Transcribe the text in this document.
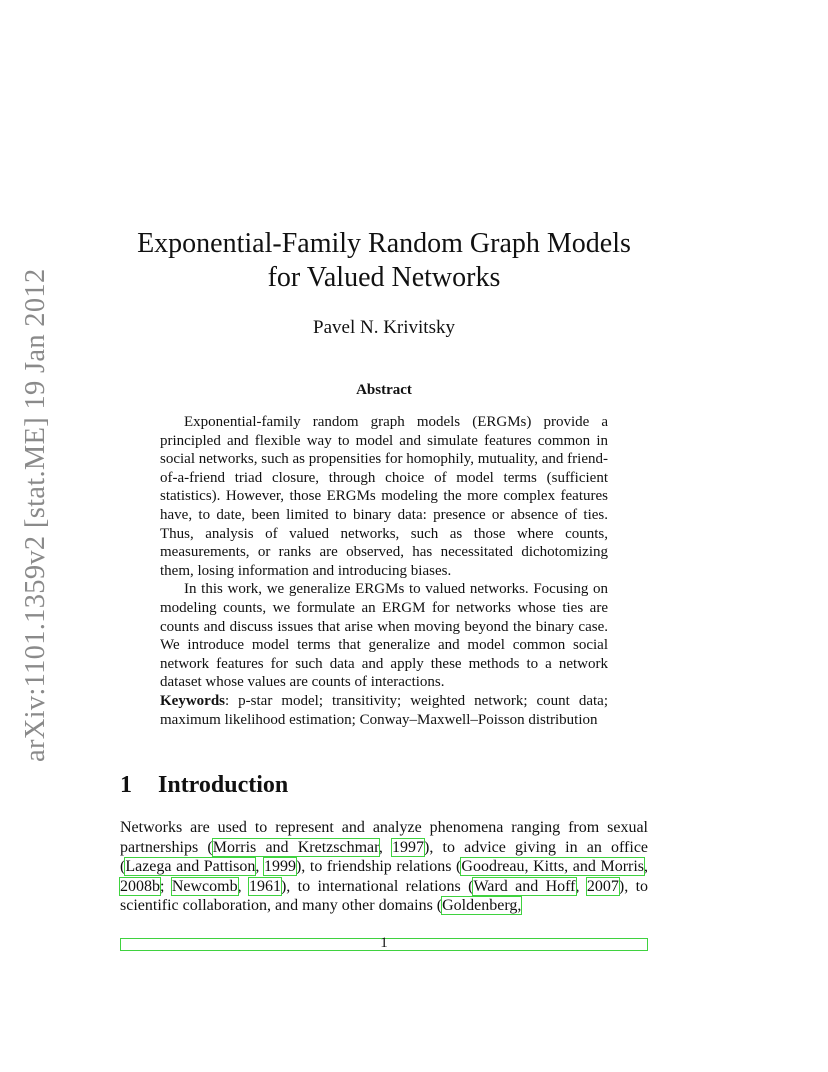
arXiv:1101.1359v2 [stat.ME] 19 Jan 2012
Exponential-Family Random Graph Models
for Valued Networks
Pavel N. Krivitsky
Abstract

Exponential-family random graph models (ERGMs) provide a principled and flexible way to model and simulate features common in social networks, such as propensities for homophily, mutuality, and friend-of-a-friend triad closure, through choice of model terms (sufficient statistics). However, those ERGMs modeling the more complex features have, to date, been limited to binary data: presence or absence of ties. Thus, analysis of valued networks, such as those where counts, measurements, or ranks are observed, has necessitated dichotomizing them, losing information and introducing biases.

In this work, we generalize ERGMs to valued networks. Focusing on modeling counts, we formulate an ERGM for networks whose ties are counts and discuss issues that arise when moving beyond the binary case. We introduce model terms that generalize and model common social network features for such data and apply these methods to a network dataset whose values are counts of interactions.

Keywords: p-star model; transitivity; weighted network; count data; maximum likelihood estimation; Conway–Maxwell–Poisson distribution

1 Introduction

Networks are used to represent and analyze phenomena ranging from sexual partnerships (Morris and Kretzschmar, 1997), to advice giving in an office (Lazega and Pattison, 1999), to friendship relations (Goodreau, Kitts, and Morris, 2008b; Newcomb, 1961), to international relations (Ward and Hoff, 2007), to scientific collaboration, and many other domains (Goldenberg,

1
